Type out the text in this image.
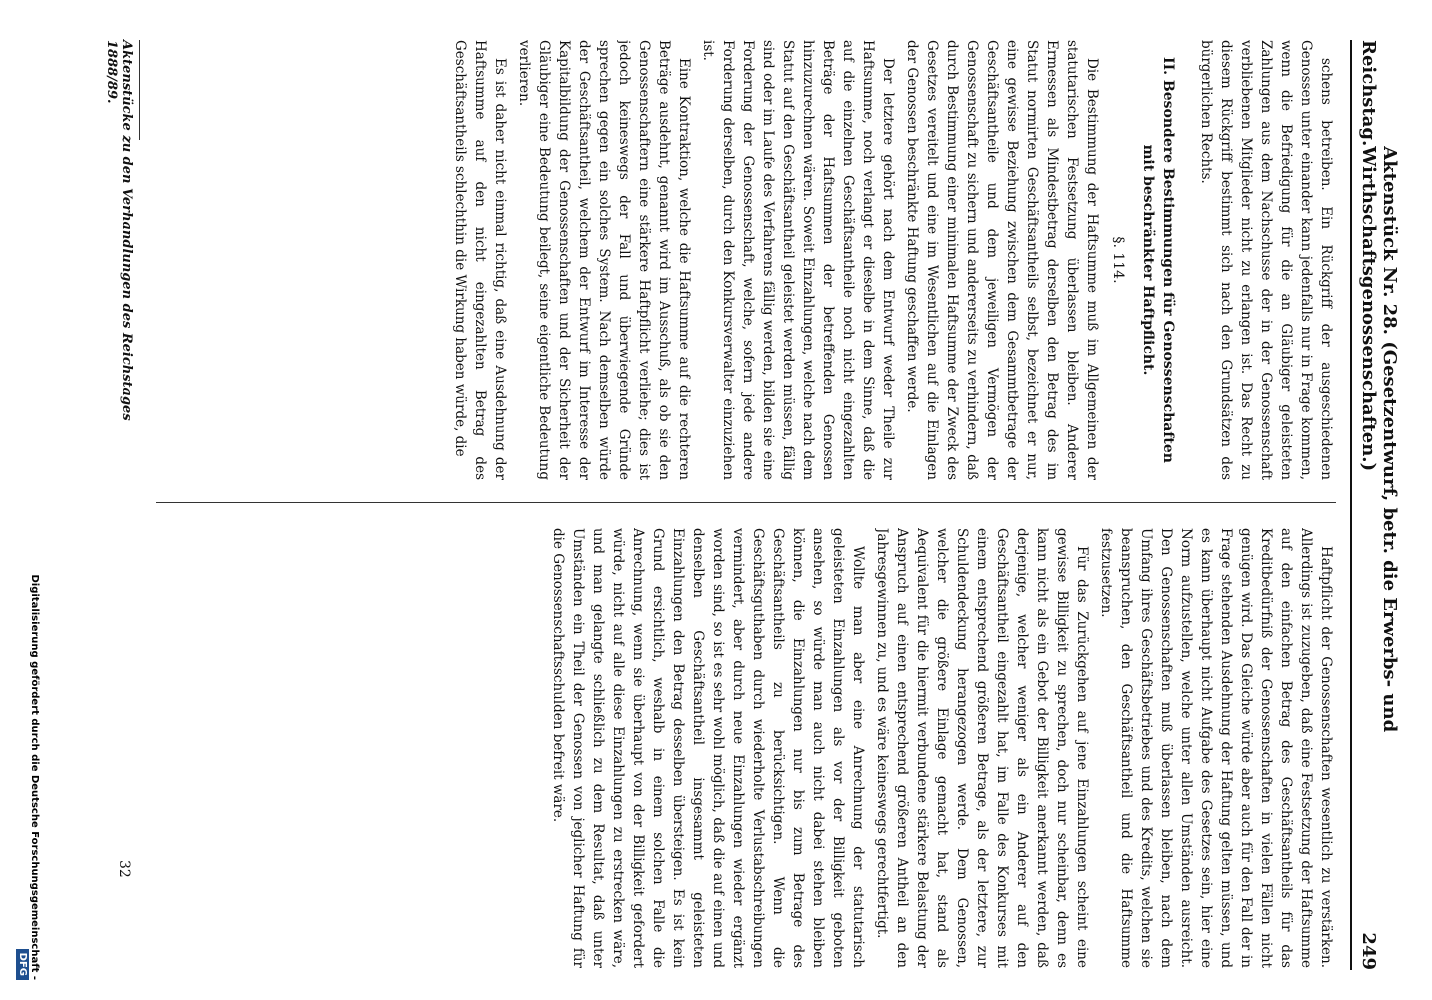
Reichstag.
Aktenstück Nr. 28. (Gesetzentwurf, betr. die Erwerbs- und Wirthschaftsgenossenschaften.)
249

schens betreiben. Ein Rückgriff der ausgeschiedenen Genossen unter einander kann jedenfalls nur in Frage kommen, wenn die Befriedigung für die an Gläubiger geleisteten Zahlungen aus dem Nachschusse der in der Genossenschaft verbliebenen Mitglieder nicht zu erlangen ist. Das Recht zu diesem Rückgriff bestimmt sich nach den Grundsätzen des bürgerlichen Rechts.

II. Besondere Bestimmungen für Genossenschaften mit beschränkter Haftpflicht.
§. 114.

Die Bestimmung der Haftsumme muß im Allgemeinen der statutarischen Festsetzung überlassen bleiben. Anderer Ermessen als Mindestbetrag derselben den Betrag des im Statut normirten Geschäftsantheils selbst, bezeichnet er nur, eine gewisse Beziehung zwischen dem Gesammtbetrage der Geschäftsantheile und dem jeweiligen Vermögen der Genossenschaft zu sichern und andererseits zu verhindern, daß durch Bestimmung einer minimalen Haftsumme der Zweck des Gesetzes vereitelt und eine im Wesentlichen auf die Einlagen der Genossen beschränkte Haftung geschaffen werde.

Der letztere gehört nach dem Entwurf weder Theile zur Haftsumme, noch verlangt er dieselbe in dem Sinne, daß die auf die einzelnen Geschäftsantheile noch nicht eingezahlten Beträge der Haftsummen der betreffenden Genossen hinzuzurechnen wären. Soweit Einzahlungen, welche nach dem Statut auf den Geschäftsantheil geleistet werden müssen, fällig sind oder im Laufe des Verfahrens fällig werden, bilden sie eine Forderung der Genossenschaft, welche, sofern jede andere Forderung derselben, durch den Konkursverwalter einzuziehen ist.

Eine Kontraktion, welche die Haftsumme auf die rechteren Beträge ausdehnt, genannt wird im Ausschuß, als ob sie den Genossenschaftern eine stärkere Haftpflicht verliehe; dies ist jedoch keineswegs der Fall und überwiegende Gründe sprechen gegen ein solches System. Nach demselben würde der Geschäftsantheil, welchem der Entwurf im Interesse der Kapitalbildung der Genossenschaften und der Sicherheit der Gläubiger eine Bedeutung beilegt, seine eigentliche Bedeutung verlieren.

Es ist daher nicht einmal richtig, daß eine Ausdehnung der Haftsumme auf den nicht eingezahlten Betrag des Geschäftsantheils schlechthin die Wirkung haben würde, die

Haftpflicht der Genossenschaften wesentlich zu verstärken. Allerdings ist zuzugeben, daß eine Festsetzung der Haftsumme auf den einfachen Betrag des Geschäftsantheils für das Kreditbedürfniß der Genossenschaften in vielen Fällen nicht genügen wird. Das Gleiche würde aber auch für den Fall der in Frage stehenden Ausdehnung der Haftung gelten müssen, und es kann überhaupt nicht Aufgabe des Gesetzes sein, hier eine Norm aufzustellen, welche unter allen Umständen ausreicht. Den Genossenschaften muß überlassen bleiben, nach dem Umfang ihres Geschäftsbetriebes und des Kredits, welchen sie beanspruchen, den Geschäftsantheil und die Haftsumme festzusetzen.

Für das Zurückgehen auf jene Einzahlungen scheint eine gewisse Billigkeit zu sprechen, doch nur scheinbar, denn es kann nicht als ein Gebot der Billigkeit anerkannt werden, daß derjenige, welcher weniger als ein Anderer auf den Geschäftsantheil eingezahlt hat, im Falle des Konkurses mit einem entsprechend größeren Betrage, als der letztere, zur Schuldendeckung herangezogen werde. Dem Genossen, welcher die größere Einlage gemacht hat, stand als Aequivalent für die hiermit verbundene stärkere Belastung der Anspruch auf einen entsprechend größeren Antheil an den Jahresgewinnen zu, und es wäre keineswegs gerechtfertigt.

Wollte man aber eine Anrechnung der statutarisch geleisteten Einzahlungen als vor der Billigkeit geboten ansehen, so würde man auch nicht dabei stehen bleiben können, die Einzahlungen nur bis zum Betrage des Geschäftsantheils zu berücksichtigen. Wenn die Geschäftsguthaben durch wiederholte Verlustabschreibungen vermindert, aber durch neue Einzahlungen wieder ergänzt worden sind, so ist es sehr wohl möglich, daß die auf einen und denselben Geschäftsantheil insgesammt geleisteten Einzahlungen den Betrag desselben übersteigen. Es ist kein Grund ersichtlich, weshalb in einem solchen Falle die Anrechnung, wenn sie überhaupt von der Billigkeit gefordert würde, nicht auf alle diese Einzahlungen zu erstrecken wäre, und man gelangte schließlich zu dem Resultat, daß unter Umständen ein Theil der Genossen von jeglicher Haftung für die Genossenschaftsschulden befreit wäre.

Aktenstücke zu den Verhandlungen des Reichstages 1888/89.
32
Digitalisierung gefördert durch die Deutsche Forschungsgemeinschaft - DFG
